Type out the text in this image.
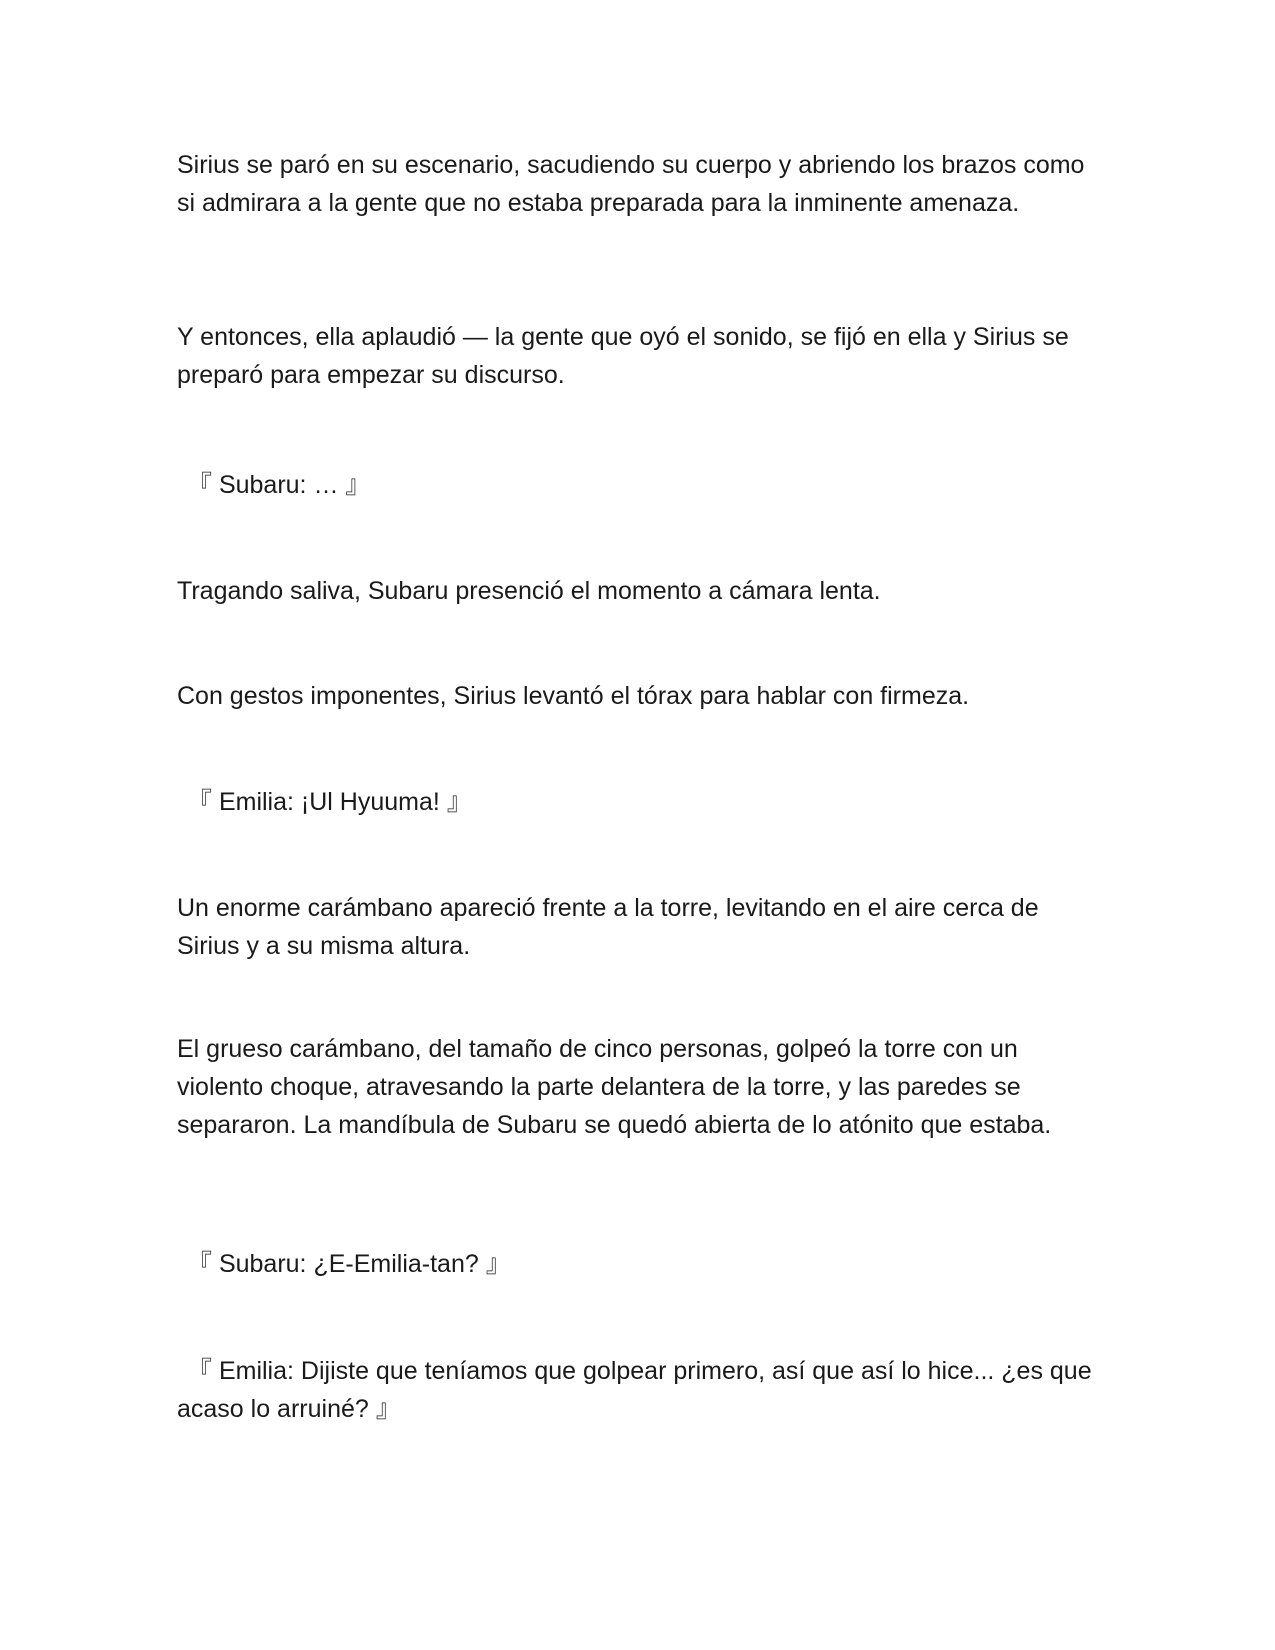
Sirius se paró en su escenario, sacudiendo su cuerpo y abriendo los brazos como si admirara a la gente que no estaba preparada para la inminente amenaza.

Y entonces, ella aplaudió — la gente que oyó el sonido, se fijó en ella y Sirius se preparó para empezar su discurso.

『 Subaru: … 』

Tragando saliva, Subaru presenció el momento a cámara lenta.

Con gestos imponentes, Sirius levantó el tórax para hablar con firmeza.

『 Emilia: ¡Ul Hyuuma! 』

Un enorme carámbano apareció frente a la torre, levitando en el aire cerca de Sirius y a su misma altura.

El grueso carámbano, del tamaño de cinco personas, golpeó la torre con un violento choque, atravesando la parte delantera de la torre, y las paredes se separaron. La mandíbula de Subaru se quedó abierta de lo atónito que estaba.

『 Subaru: ¿E-Emilia-tan? 』

『 Emilia: Dijiste que teníamos que golpear primero, así que así lo hice... ¿es que acaso lo arruiné? 』
